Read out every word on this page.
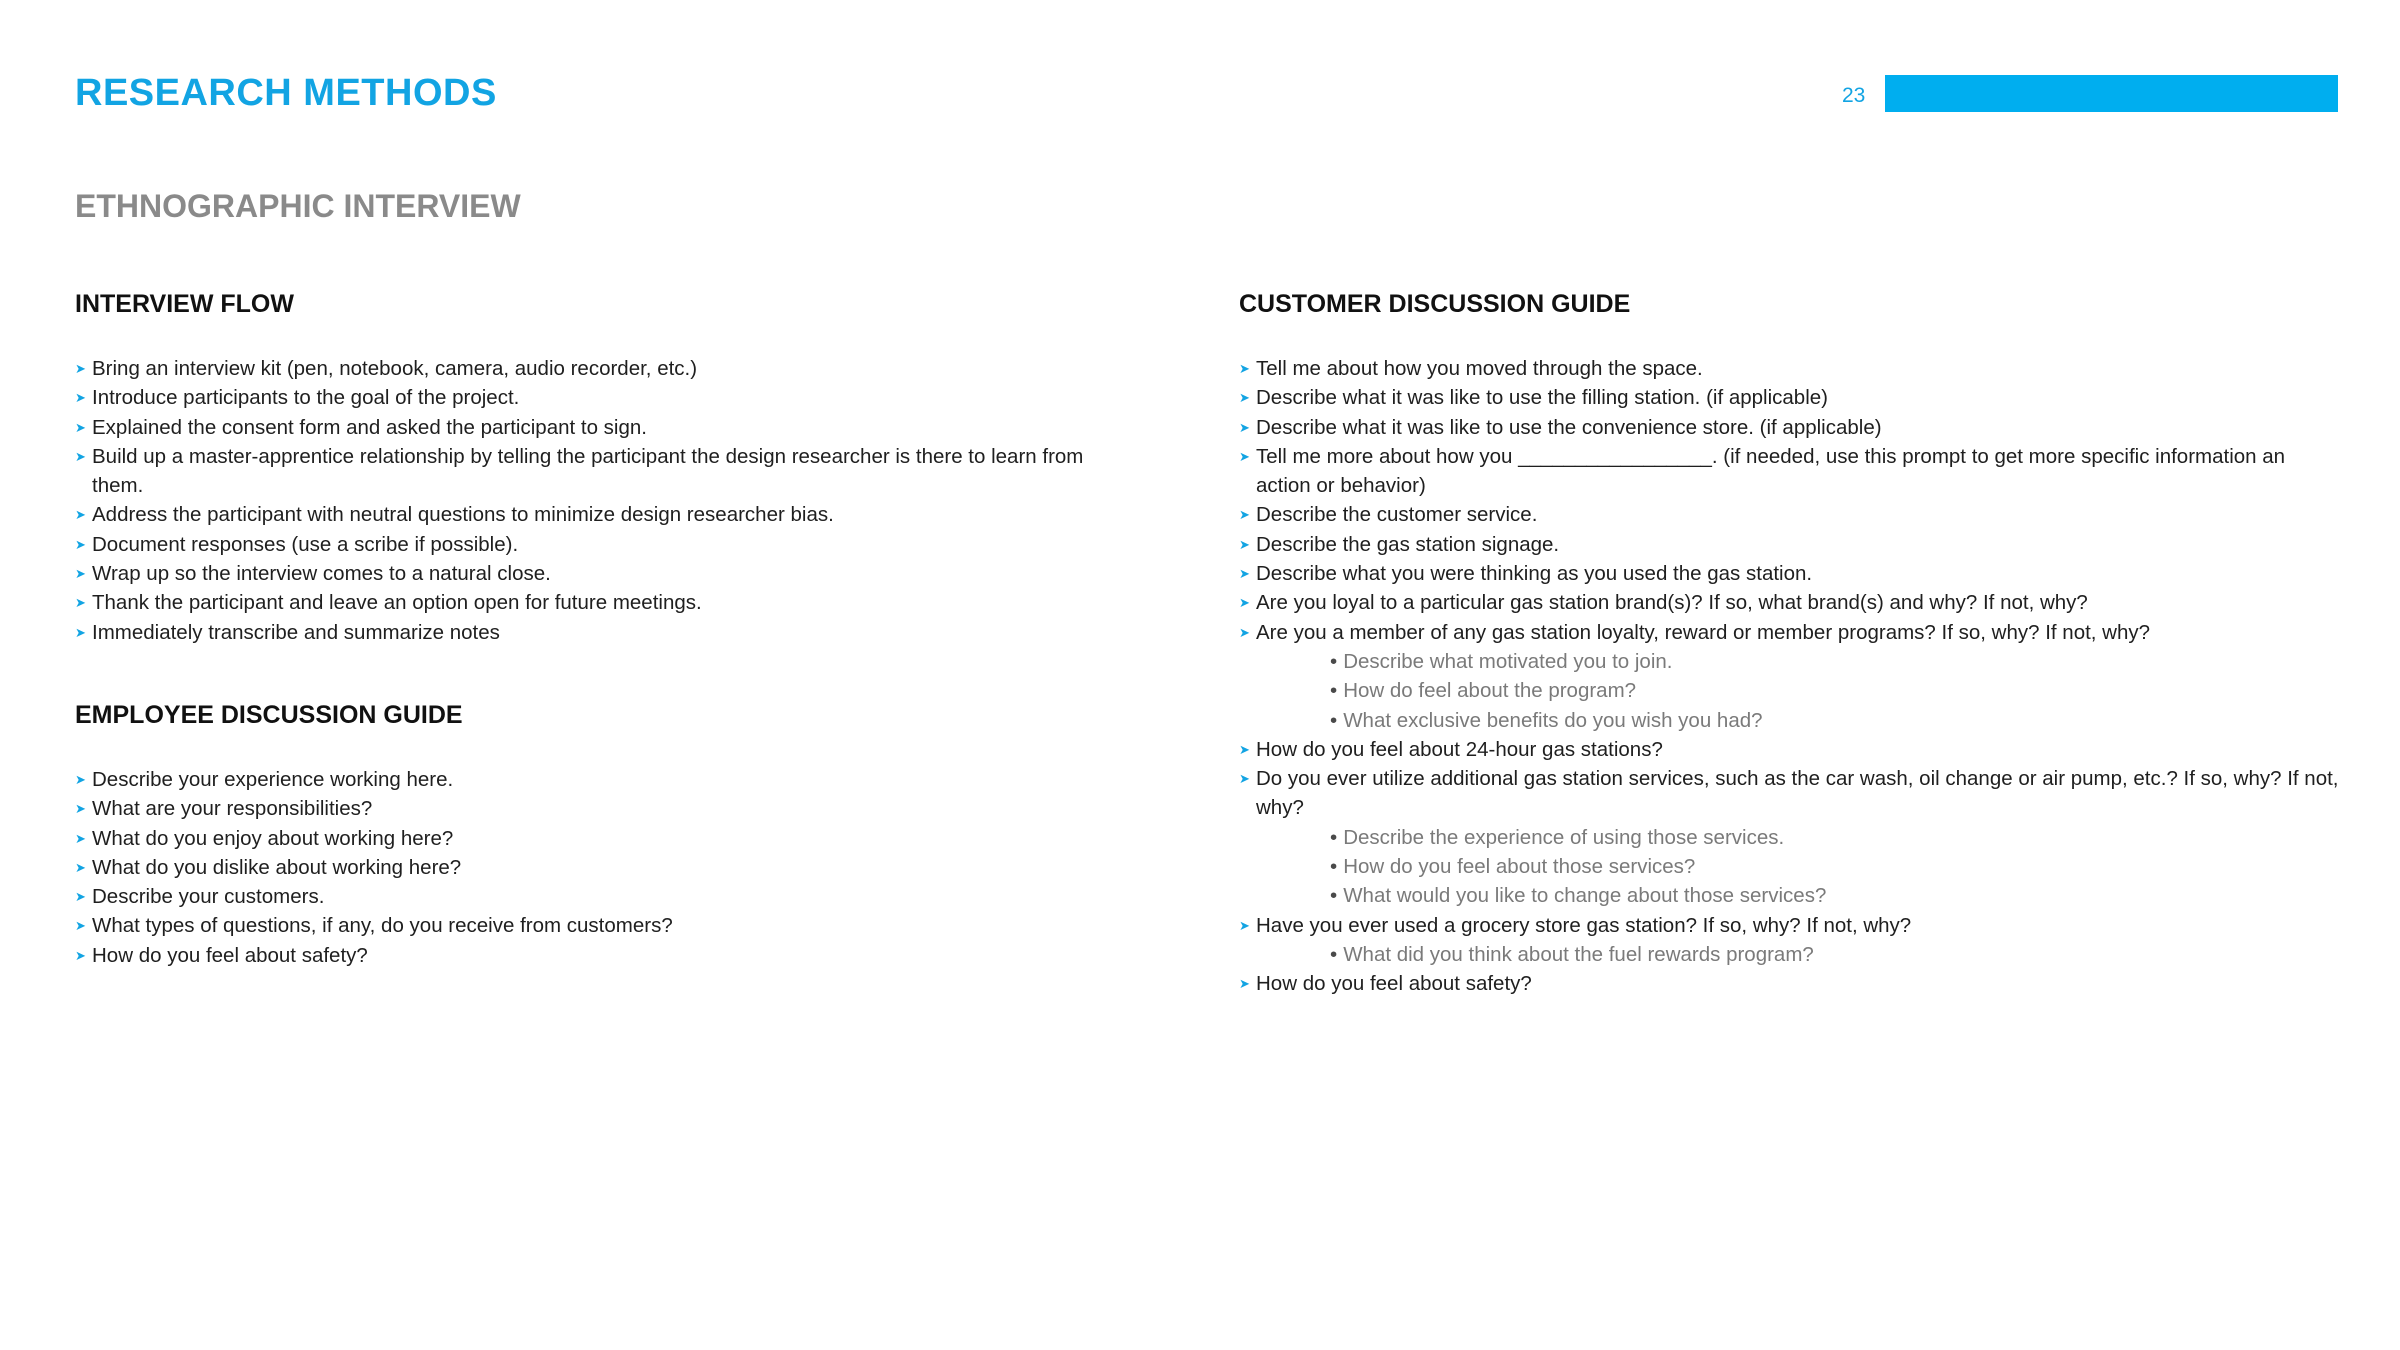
RESEARCH METHODS	23
ETHNOGRAPHIC INTERVIEW
INTERVIEW FLOW
➤ Bring an interview kit (pen, notebook, camera, audio recorder, etc.)
➤ Introduce participants to the goal of the project.
➤ Explained the consent form and asked the participant to sign.
➤ Build up a master-apprentice relationship by telling the participant the design researcher is there to learn from them.
➤ Address the participant with neutral questions to minimize design researcher bias.
➤ Document responses (use a scribe if possible).
➤ Wrap up so the interview comes to a natural close.
➤ Thank the participant and leave an option open for future meetings.
➤ Immediately transcribe and summarize notes
EMPLOYEE DISCUSSION GUIDE
➤ Describe your experience working here.
➤ What are your responsibilities?
➤ What do you enjoy about working here?
➤ What do you dislike about working here?
➤ Describe your customers.
➤ What types of questions, if any, do you receive from customers?
➤ How do you feel about safety?
CUSTOMER DISCUSSION GUIDE
➤ Tell me about how you moved through the space.
➤ Describe what it was like to use the filling station. (if applicable)
➤ Describe what it was like to use the convenience store. (if applicable)
➤ Tell me more about how you _________________. (if needed, use this prompt to get more specific information an action or behavior)
➤ Describe the customer service.
➤ Describe the gas station signage.
➤ Describe what you were thinking as you used the gas station.
➤ Are you loyal to a particular gas station brand(s)? If so, what brand(s) and why? If not, why?
➤ Are you a member of any gas station loyalty, reward or member programs? If so, why? If not, why?
• Describe what motivated you to join.
• How do feel about the program?
• What exclusive benefits do you wish you had?
➤ How do you feel about 24-hour gas stations?
➤ Do you ever utilize additional gas station services, such as the car wash, oil change or air pump, etc.? If so, why? If not, why?
• Describe the experience of using those services.
• How do you feel about those services?
• What would you like to change about those services?
➤ Have you ever used a grocery store gas station? If so, why? If not, why?
• What did you think about the fuel rewards program?
➤ How do you feel about safety?
